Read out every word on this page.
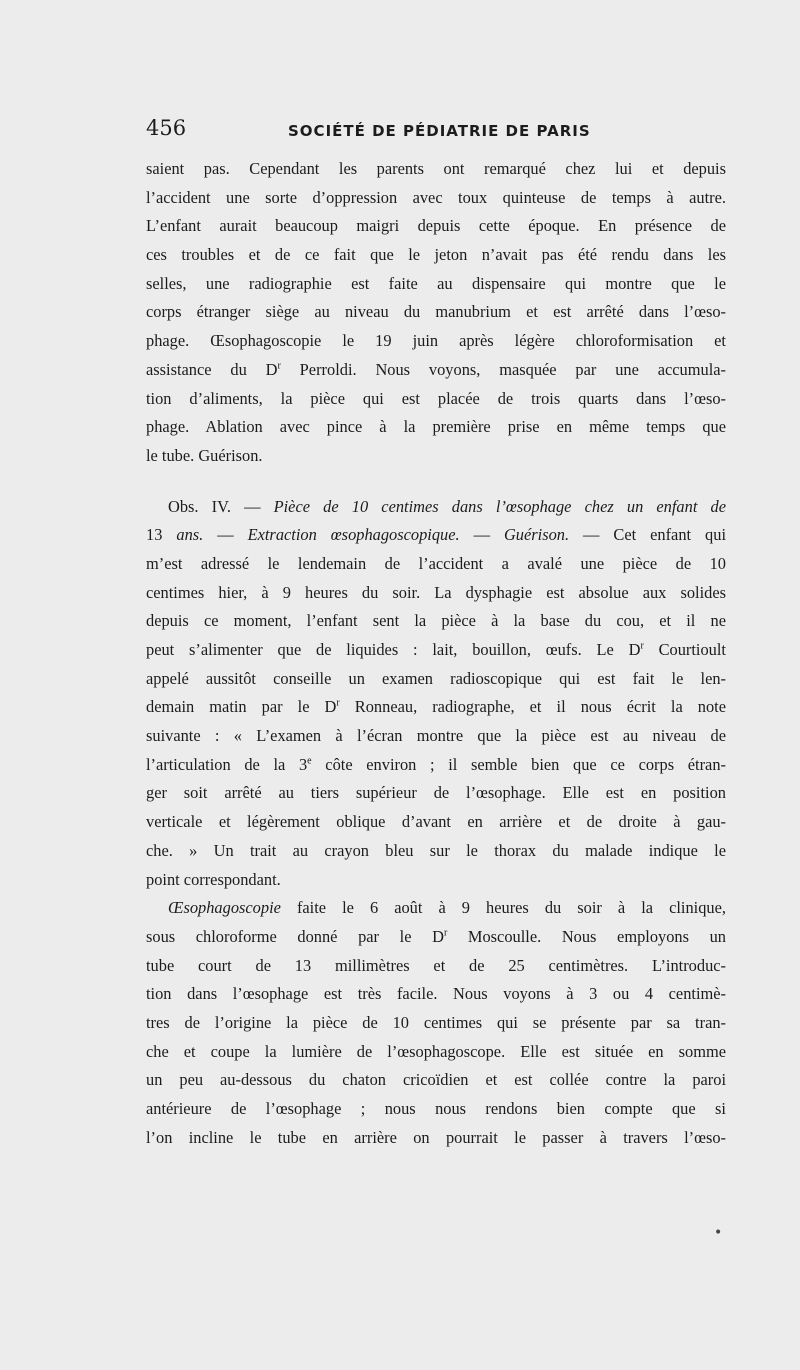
456	SOCIÉTÉ DE PÉDIATRIE DE PARIS
saient pas. Cependant les parents ont remarqué chez lui et depuis
l’accident une sorte d’oppression avec toux quinteuse de temps à autre.
L’enfant aurait beaucoup maigri depuis cette époque. En présence de
ces troubles et de ce fait que le jeton n’avait pas été rendu dans les
selles, une radiographie est faite au dispensaire qui montre que le
corps étranger siège au niveau du manubrium et est arrêté dans l’œso-
phage. Œsophagoscopie le 19 juin après légère chloroformisation et
assistance du $D^r$ Perroldi. Nous voyons, masquée par une accumula-
tion d’aliments, la pièce qui est placée de trois quarts dans l’œso-
phage. Ablation avec pince à la première prise en même temps que
le tube. Guérison.
Obs. IV. — Pièce de 10 centimes dans l’œsophage chez un enfant de
13 ans. — Extraction œsophagoscopique. — Guérison. — Cet enfant qui
m’est adressé le lendemain de l’accident a avalé une pièce de 10
centimes hier, à 9 heures du soir. La dysphagie est absolue aux solides
depuis ce moment, l’enfant sent la pièce à la base du cou, et il ne
peut s’alimenter que de liquides : lait, bouillon, œufs. Le $D^r$ Courtioult
appelé aussitôt conseille un examen radioscopique qui est fait le len-
demain matin par le $D^r$ Ronneau, radiographe, et il nous écrit la note
suivante : « L’examen à l’écran montre que la pièce est au niveau de
l’articulation de la 3e côte environ ; il semble bien que ce corps étran-
ger soit arrêté au tiers supérieur de l’œsophage. Elle est en position
verticale et légèrement oblique d’avant en arrière et de droite à gau-
che. » Un trait au crayon bleu sur le thorax du malade indique le
point correspondant.
Œsophagoscopie faite le 6 août à 9 heures du soir à la clinique,
sous chloroforme donné par le $D^r$ Moscoulle. Nous employons un
tube court de 13 millimètres et de 25 centimètres. L’introduc-
tion dans l’œsophage est très facile. Nous voyons à 3 ou 4 centimè-
tres de l’origine la pièce de 10 centimes qui se présente par sa tran-
che et coupe la lumière de l’œsophagoscope. Elle est située en somme
un peu au-dessous du chaton cricoïdien et est collée contre la paroi
antérieure de l’œsophage ; nous nous rendons bien compte que si
l’on incline le tube en arrière on pourrait le passer à travers l’œso-
•
